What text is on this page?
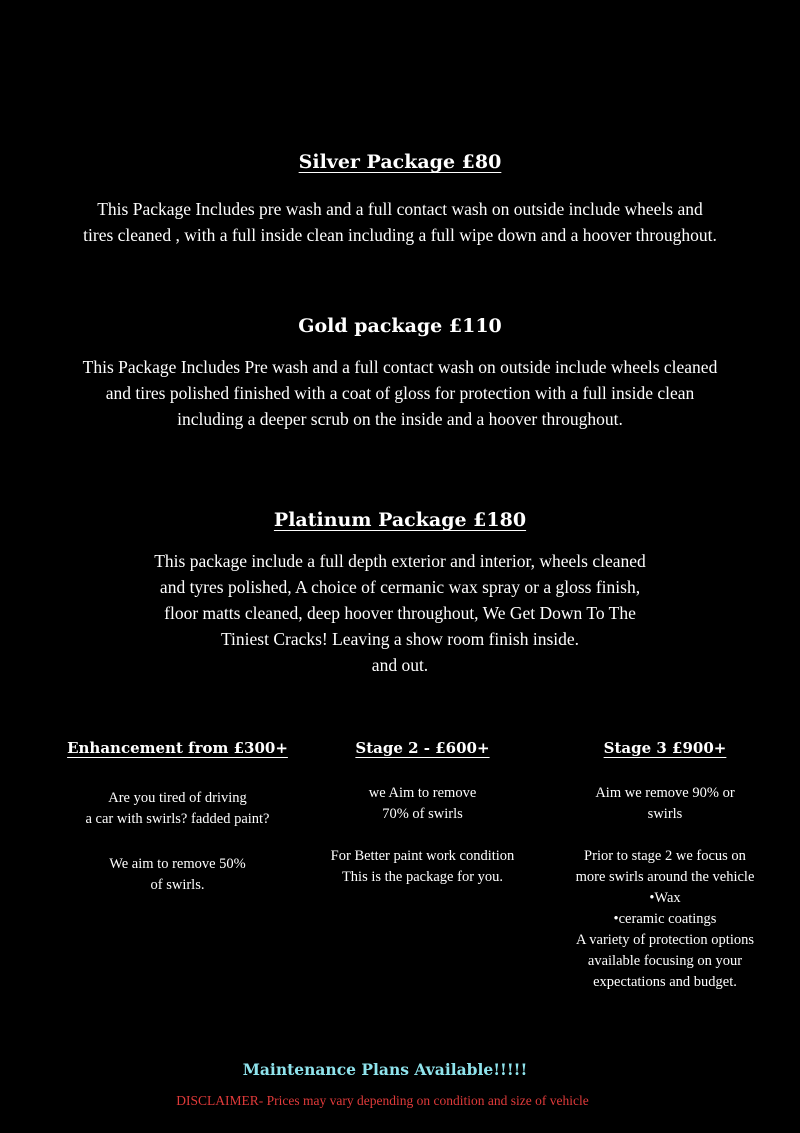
Silver Package £80

This Package Includes pre wash and a full contact wash on outside include wheels and
tires cleaned , with a full inside clean including a full wipe down and a hoover throughout.

Gold package £110

This Package Includes Pre wash and a full contact wash on outside include wheels cleaned
and tires polished finished with a coat of gloss for protection with a full inside clean
including a deeper scrub on the inside and a hoover throughout.

Platinum Package £180

This package include a full depth exterior and interior, wheels cleaned
and tyres polished, A choice of cermanic wax spray or a gloss finish,
floor matts cleaned, deep hoover throughout, We Get Down To The
Tiniest Cracks! Leaving a show room finish inside.
and out.

Enhancement from £300+

Are you tired of driving
a car with swirls? fadded paint?

We aim to remove 50%
of swirls.

Stage 2 - £600+

we Aim to remove
70% of swirls

For Better paint work condition
This is the package for you.

Stage 3 £900+

Aim we remove 90% or
swirls

Prior to stage 2 we focus on
more swirls around the vehicle
•Wax
•ceramic coatings
A variety of protection options
available focusing on your
expectations and budget.

Maintenance Plans Available!!!!!

DISCLAIMER- Prices may vary depending on condition and size of vehicle
